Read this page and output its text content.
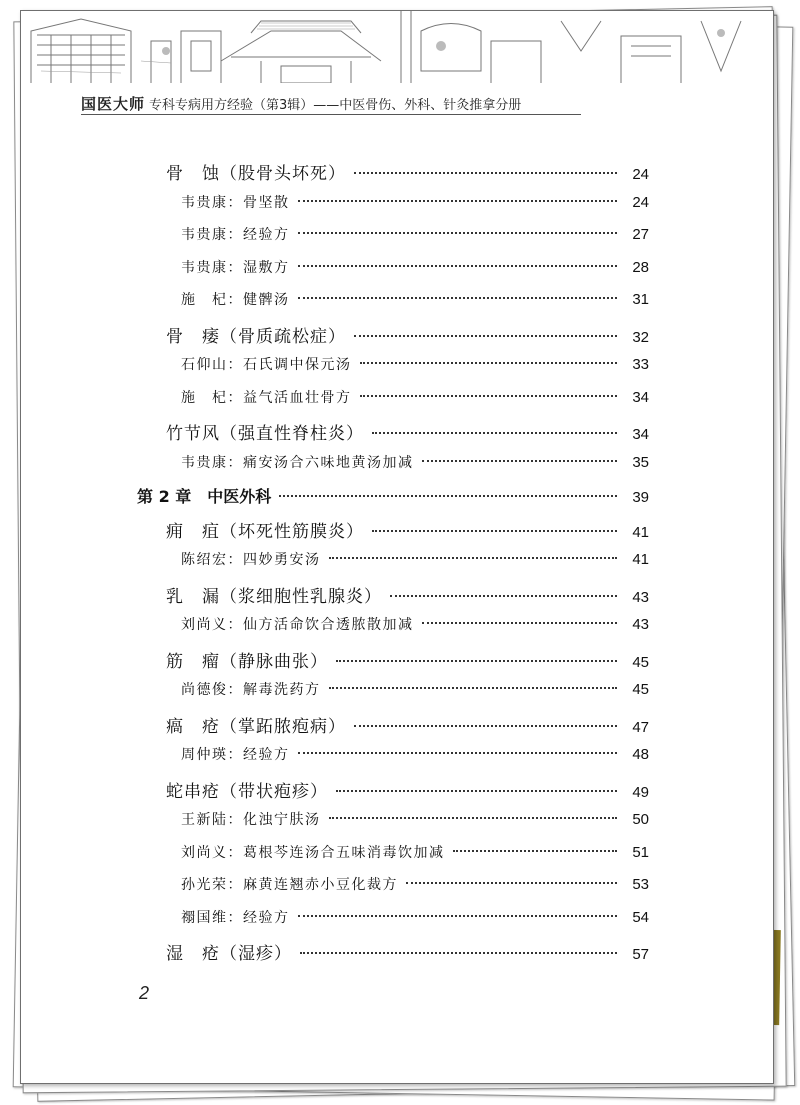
国医大师 专科专病用方经验（第3辑）——中医骨伤、外科、针灸推拿分册
骨　蚀（股骨头坏死）	24
韦贵康：骨坚散	24
韦贵康：经验方	27
韦贵康：湿敷方	28
施　杞：健髀汤	31
骨　痿（骨质疏松症）	32
石仰山：石氏调中保元汤	33
施　杞：益气活血壮骨方	34
竹节风（强直性脊柱炎）	34
韦贵康：痛安汤合六味地黄汤加减	35
第 2 章　中医外科	39
痈　疽（坏死性筋膜炎）	41
陈绍宏：四妙勇安汤	41
乳　漏（浆细胞性乳腺炎）	43
刘尚义：仙方活命饮合透脓散加减	43
筋　瘤（静脉曲张）	45
尚德俊：解毒洗药方	45
瘑　疮（掌跖脓疱病）	47
周仲瑛：经验方	48
蛇串疮（带状疱疹）	49
王新陆：化浊宁肤汤	50
刘尚义：葛根芩连汤合五味消毒饮加减	51
孙光荣：麻黄连翘赤小豆化裁方	53
禤国维：经验方	54
湿　疮（湿疹）	57
2
